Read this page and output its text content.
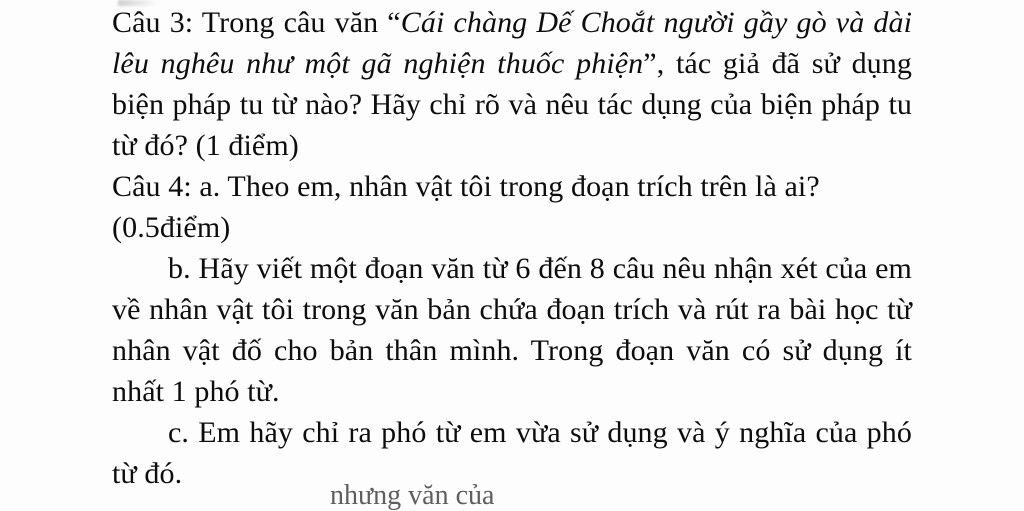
Câu 3: Trong câu văn “Cái chàng Dế Choắt người gầy gò và dài lêu nghêu như một gã nghiện thuốc phiện”, tác giả đã sử dụng biện pháp tu từ nào? Hãy chỉ rõ và nêu tác dụng của biện pháp tu từ đó? (1 điểm)

Câu 4: a. Theo em, nhân vật tôi trong đoạn trích trên là ai? (0.5điểm)

b. Hãy viết một đoạn văn từ 6 đến 8 câu nêu nhận xét của em về nhân vật tôi trong văn bản chứa đoạn trích và rút ra bài học từ nhân vật đố cho bản thân mình. Trong đoạn văn có sử dụng ít nhất 1 phó từ.

c. Em hãy chỉ ra phó từ em vừa sử dụng và ý nghĩa của phó từ đó.

nhưng văn của
